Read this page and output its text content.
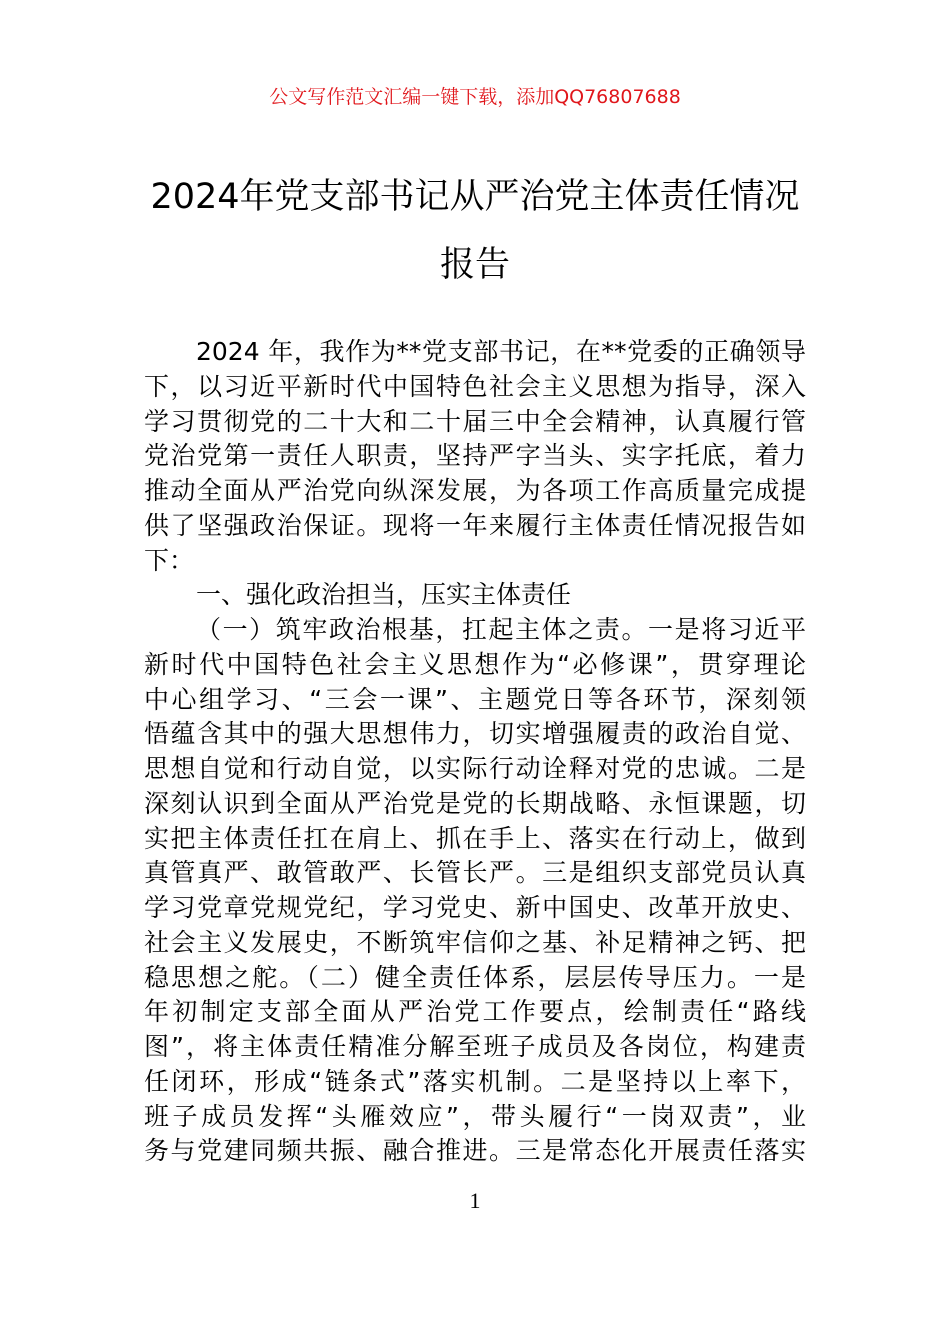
公文写作范文汇编一键下载，添加QQ76807688
2024年党支部书记从严治党主体责任情况
报告
2024 年，我作为**党支部书记，在**党委的正确领导
下，以习近平新时代中国特色社会主义思想为指导，深入
学习贯彻党的二十大和二十届三中全会精神，认真履行管
党治党第一责任人职责，坚持严字当头、实字托底，着力
推动全面从严治党向纵深发展，为各项工作高质量完成提
供了坚强政治保证。现将一年来履行主体责任情况报告如
下：
一、强化政治担当，压实主体责任
（一）筑牢政治根基，扛起主体之责。一是将习近平
新时代中国特色社会主义思想作为“必修课”，贯穿理论
中心组学习、“三会一课”、主题党日等各环节，深刻领
悟蕴含其中的强大思想伟力，切实增强履责的政治自觉、
思想自觉和行动自觉，以实际行动诠释对党的忠诚。二是
深刻认识到全面从严治党是党的长期战略、永恒课题，切
实把主体责任扛在肩上、抓在手上、落实在行动上，做到
真管真严、敢管敢严、长管长严。三是组织支部党员认真
学习党章党规党纪，学习党史、新中国史、改革开放史、
社会主义发展史，不断筑牢信仰之基、补足精神之钙、把
稳思想之舵。（二）健全责任体系，层层传导压力。一是
年初制定支部全面从严治党工作要点，绘制责任“路线
图”，将主体责任精准分解至班子成员及各岗位，构建责
任闭环，形成“链条式”落实机制。二是坚持以上率下，
班子成员发挥“头雁效应”，带头履行“一岗双责”，业
务与党建同频共振、融合推进。三是常态化开展责任落实
1
